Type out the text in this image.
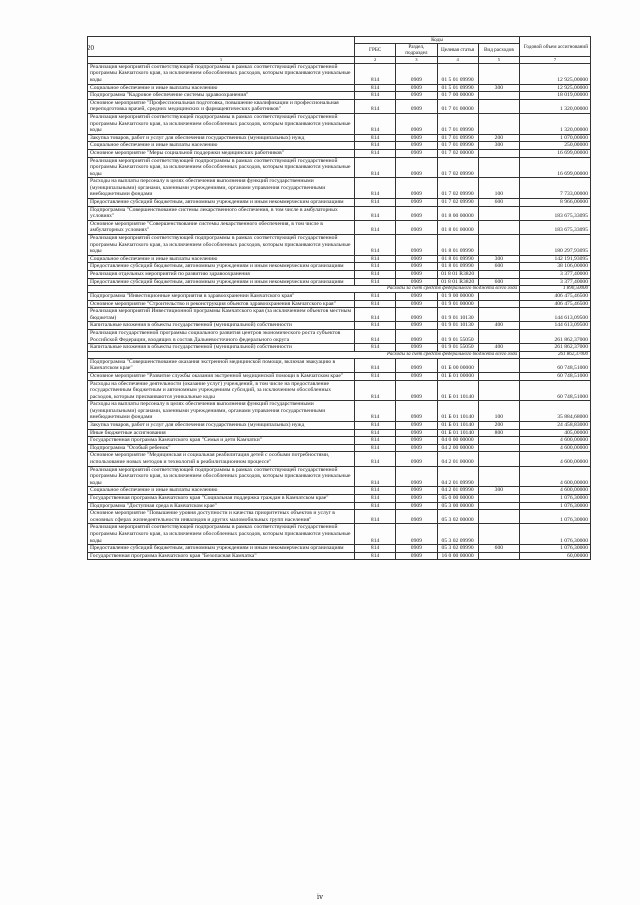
20
	Коды				Годовой объем ассигнований
	ГРБС	Раздел, подраздел	Целевая статья	Вид расходов	
1	2	3	4	5	7
Реализация мероприятий соответствующей подпрограммы в рамках соответствующей государственной программы Камчатского края, за исключением обособленных расходов, которым присваиваются уникальные коды	814	0909	01 5 01 09990		12 925,00000
Социальное обеспечение и иные выплаты населению	814	0909	01 5 01 09990	300	12 925,00000
Подпрограмма "Кадровое обеспечение системы здравоохранения"	814	0909	01 7 00 00000		18 019,00000
Основное мероприятие "Профессиональная подготовка, повышение квалификации и профессиональная переподготовка врачей, средних медицинских и фармацевтических работников"	814	0909	01 7 01 00000		1 320,00000
Реализация мероприятий соответствующей подпрограммы в рамках соответствующей государственной программы Камчатского края, за исключением обособленных расходов, которым присваиваются уникальные коды	814	0909	01 7 01 09990		1 320,00000
Закупка товаров, работ и услуг для обеспечения государственных (муниципальных) нужд	814	0909	01 7 01 09990	200	1 070,00000
Социальное обеспечение и иные выплаты населению	814	0909	01 7 01 09990	300	250,00000
Основное мероприятие "Меры социальной поддержки медицинских работников"	814	0909	01 7 02 00000		16 699,00000
Реализация мероприятий соответствующей подпрограммы в рамках соответствующей государственной программы Камчатского края, за исключением обособленных расходов, которым присваиваются уникальные коды	814	0909	01 7 02 09990		16 699,00000
Расходы на выплаты персоналу в целях обеспечения выполнения функций государственными (муниципальными) органами, казенными учреждениями, органами управления государственными внебюджетными фондами	814	0909	01 7 02 09990	100	7 733,00000
Предоставление субсидий бюджетным, автономным учреждениям и иным некоммерческим организациям	814	0909	01 7 02 09990	600	8 966,00000
Подпрограмма "Совершенствование системы лекарственного обеспечения, в том числе в амбулаторных условиях"	814	0909	01 8 00 00000		183 675,33095
Основное мероприятие "Совершенствование системы лекарственного обеспечения, в том числе в амбулаторных условиях"	814	0909	01 8 01 00000		183 675,33095
Реализация мероприятий соответствующей подпрограммы в рамках соответствующей государственной программы Камчатского края, за исключением обособленных расходов, которым присваиваются уникальные коды	814	0909	01 8 01 09990		180 297,93095
Социальное обеспечение и иные выплаты населению	814	0909	01 8 01 09990	300	142 191,93095
Предоставление субсидий бюджетным, автономным учреждениям и иным некоммерческим организациям	814	0909	01 8 01 09990	600	38 106,00000
Реализация отдельных мероприятий по развитию здравоохранения	814	0909	01 8 01 R3820		3 377,40000
Предоставление субсидий бюджетным, автономным учреждениям и иным некоммерческим организациям	814	0909	01 8 01 R3820	600	3 377,40000
Расходы за счет средств федерального бюджета всего года					1 890,50000
Подпрограмма "Инвестиционные мероприятия в здравоохранении Камчатского края"	814	0909	01 9 00 00000		406 475,46500
Основное мероприятие "Строительство и реконструкция объектов здравоохранения Камчатского края"	814	0909	01 9 01 00000		406 475,46500
Реализация мероприятий Инвестиционной программы Камчатского края (за исключением объектов местным бюджетам)	814	0909	01 9 01 10130		144 613,09500
Капитальные вложения в объекты государственной (муниципальной) собственности	814	0909	01 9 01 10130	400	144 613,09500
Реализация государственной программы социального развития центров экономического роста субъектов Российской Федерации, входящих в состав Дальневосточного федерального округа	814	0909	01 9 01 55050		261 862,37000
Капитальные вложения в объекты государственной (муниципальной) собственности	814	0909	01 9 01 55050	400	261 862,37000
Расходы за счет средств федерального бюджета всего года					261 862,37000
Подпрограмма "Совершенствование оказания экстренной медицинской помощи, включая эвакуацию в Камчатском крае"	814	0909	01 Б 00 00000		60 748,51000
Основное мероприятие "Развитие службы оказания экстренной медицинской помощи в Камчатском крае"	814	0909	01 Б 01 00000		60 748,51000
Расходы на обеспечение деятельности (оказание услуг) учреждений, в том числе на предоставление государственным бюджетным и автономным учреждениям субсидий, за исключением обособленных расходов, которым присваиваются уникальные коды	814	0909	01 Б 01 10140		60 748,51000
Расходы на выплаты персоналу в целях обеспечения выполнения функций государственными (муниципальными) органами, казенными учреждениями, органами управления государственными внебюджетными фондами	814	0909	01 Б 01 10140	100	35 884,68000
Закупка товаров, работ и услуг для обеспечения государственных (муниципальных) нужд	814	0909	01 Б 01 10140	200	24 458,83000
Иные бюджетные ассигнования	814	0909	01 Б 01 10140	800	405,00000
Государственная программа Камчатского края "Семья и дети Камчатки"	814	0909	04 0 00 00000		4 600,00000
Подпрограмма "Особый ребенок"	814	0909	04 2 00 00000		4 600,00000
Основное мероприятие "Медицинская и социальная реабилитация детей с особыми потребностями, использование новых методов и технологий в реабилитационном процессе"	814	0909	04 2 01 00000		4 600,00000
Реализация мероприятий соответствующей подпрограммы в рамках соответствующей государственной программы Камчатского края, за исключением обособленных расходов, которым присваиваются уникальные коды	814	0909	04 2 01 09990		4 600,00000
Социальное обеспечение и иные выплаты населению	814	0909	04 2 01 09990	300	4 600,00000
Государственная программа Камчатского края "Социальная поддержка граждан в Камчатском крае"	814	0909	05 0 00 00000		1 076,30000
Подпрограмма "Доступная среда в Камчатском крае"	814	0909	05 3 00 00000		1 076,30000
Основное мероприятие "Повышение уровня доступности и качества приоритетных объектов и услуг в основных сферах жизнедеятельности инвалидов и других маломобильных групп населения"	814	0909	05 3 02 00000		1 076,30000
Реализация мероприятий соответствующей подпрограммы в рамках соответствующей государственной программы Камчатского края, за исключением обособленных расходов, которым присваиваются уникальные коды	814	0909	05 3 02 09990		1 076,30000
Предоставление субсидий бюджетным, автономным учреждениям и иным некоммерческим организациям	814	0909	05 3 02 09990	600	1 076,30000
Государственная программа Камчатского края "Безопасная Камчатка"	814	0909	16 0 00 00000		60,00000
ⅳ
